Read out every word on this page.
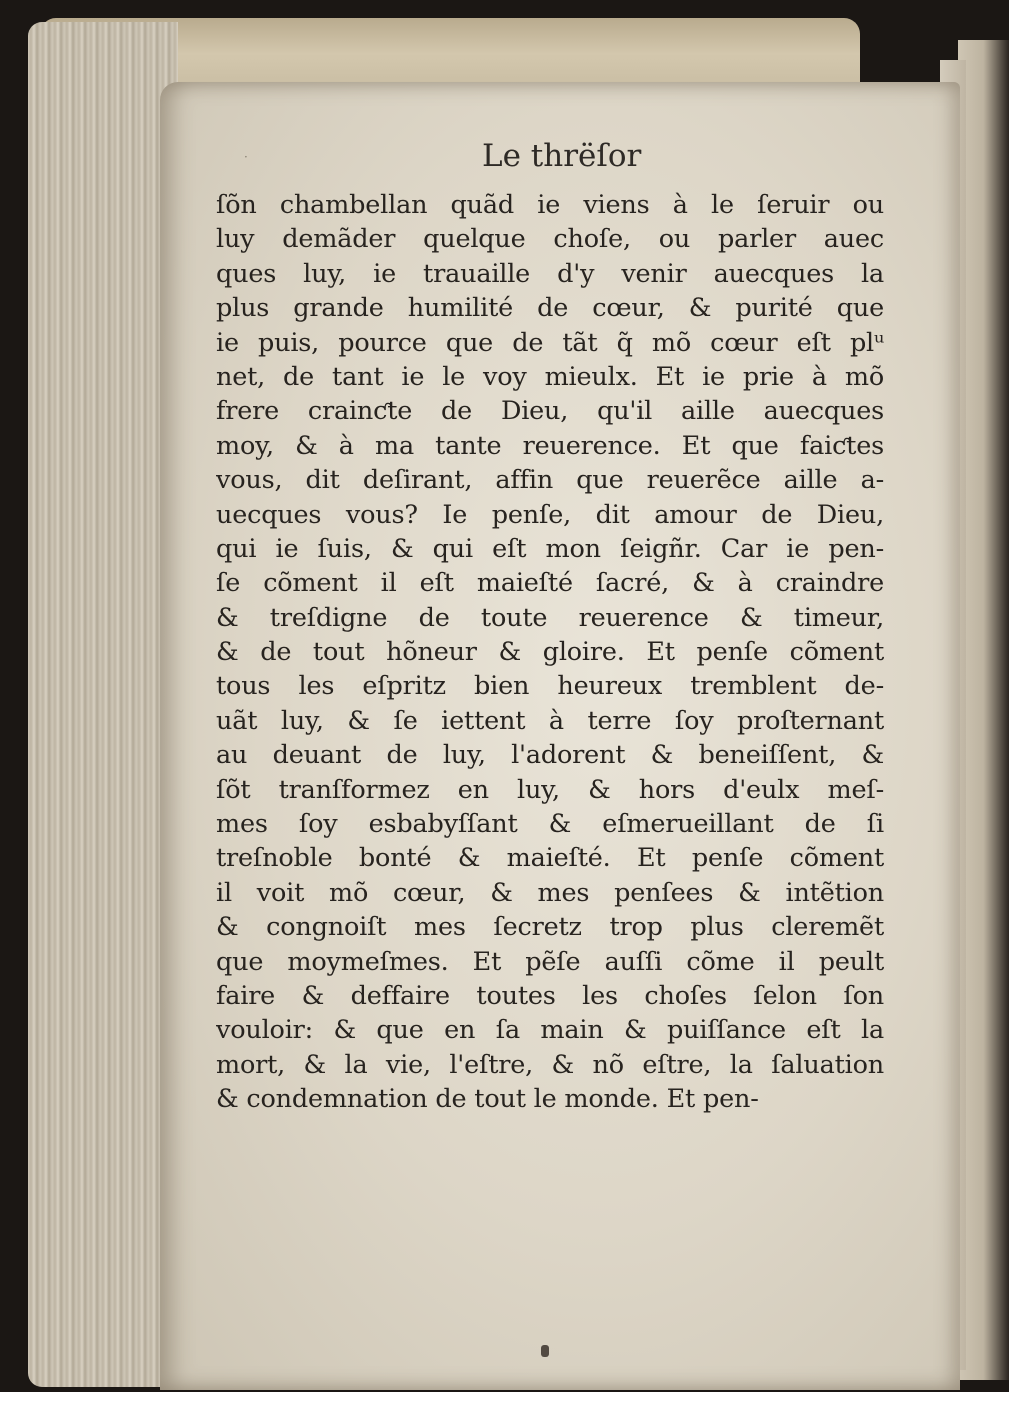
·	Le thrëſor
ſõn chambellan quãd ie viens à le ſeruir ou
luy demãder quelque choſe, ou parler auec
ques luy, ie trauaille d'y venir auecques la
plus grande humilité de cœur, & purité que
ie puis, pource que de tãt q̃ mõ cœur eſt plᵘ
net, de tant ie le voy mieulx. Et ie prie à mõ
frere crainƈte de Dieu, qu'il aille auecques
moy, & à ma tante reuerence. Et que faiƈtes
vous, dit deſirant, affin que reuerẽce aille a-
uecques vous? Ie penſe, dit amour de Dieu,
qui ie ſuis, & qui eſt mon ſeigñr. Car ie pen-
ſe cõment il eſt maieſté ſacré, & à craindre
& treſdigne de toute reuerence & timeur,
& de tout hõneur & gloire. Et penſe cõment
tous les eſpritz bien heureux tremblent de-
uãt luy, & ſe iettent à terre ſoy proſternant
au deuant de luy, l'adorent & beneiſſent, &
ſõt tranſformez en luy, & hors d'eulx meſ-
mes ſoy esbabyſſant & eſmerueillant de ſi
treſnoble bonté & maieſté. Et penſe cõment
il voit mõ cœur, & mes penſees & intẽtion
& congnoiſt mes ſecretz trop plus cleremẽt
que moymeſmes. Et pẽſe auſſi cõme il peult
faire & deffaire toutes les choſes ſelon ſon
vouloir: & que en ſa main & puiſſance eſt la
mort, & la vie, l'eſtre, & nõ eſtre, la ſaluation
& condemnation de tout le monde. Et pen-
